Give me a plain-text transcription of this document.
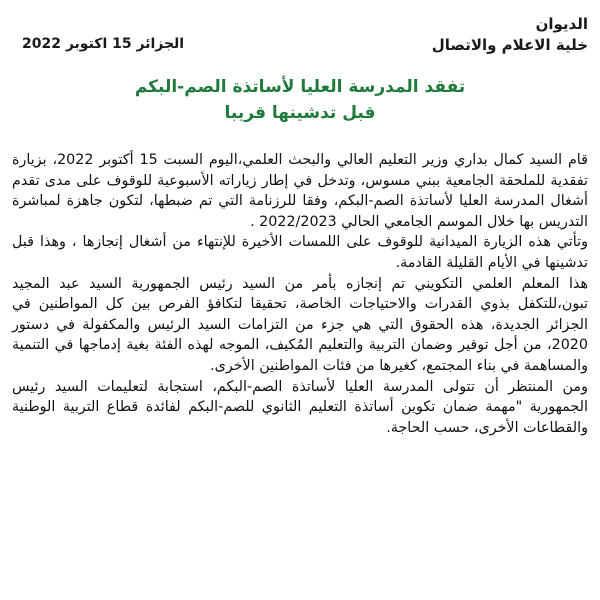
الديوان
خلية الاعلام والاتصال
الجزائر 15 اكتوبر 2022
تفقد المدرسة العليا لأساتذة الصم-البكم
قبل تدشينها قريبا

قام السيد كمال بداري وزير التعليم العالي والبحث العلمي،اليوم السبت 15 أكتوبر 2022، بزيارة تفقدية للملحقة الجامعية ببني مسوس، وتدخل في إطار زياراته الأسبوعية للوقوف على مدى تقدم أشغال المدرسة العليا لأساتذة الصم-البكم، وفقا للرزنامة التي تم ضبطها، لتكون جاهزة لمباشرة التدريس بها خلال الموسم الجامعي الحالي 2022/2023 .

وتأتي هذه الزيارة الميدانية للوقوف على اللمسات الأخيرة للإنتهاء من أشغال إنجازها ، وهذا قبل تدشينها في الأيام القليلة القادمة.

هذا المعلم العلمي التكويني تم إنجازه بأمر من السيد رئيس الجمهورية السيد عبد المجيد تبون،للتكفل بذوي القدرات والاحتياجات الخاصة، تحقيقا لتكافؤ الفرص بين كل المواطنين في الجزائر الجديدة، هذه الحقوق التي هي جزء من التزامات السيد الرئيس والمكفولة في دستور 2020، من أجل توفير وضمان التربية والتعليم المُكيف، الموجه لهذه الفئة بغية إدماجها في التنمية والمساهمة في بناء المجتمع، كغيرها من فئات المواطنين الأخرى.

ومن المنتظر أن تتولى المدرسة العليا لأساتذة الصم-البكم، استجابة لتعليمات السيد رئيس الجمهورية "مهمة ضمان تكوين أساتذة التعليم الثانوي للصم-البكم لفائدة قطاع التربية الوطنية والقطاعات الأخرى، حسب الحاجة.
